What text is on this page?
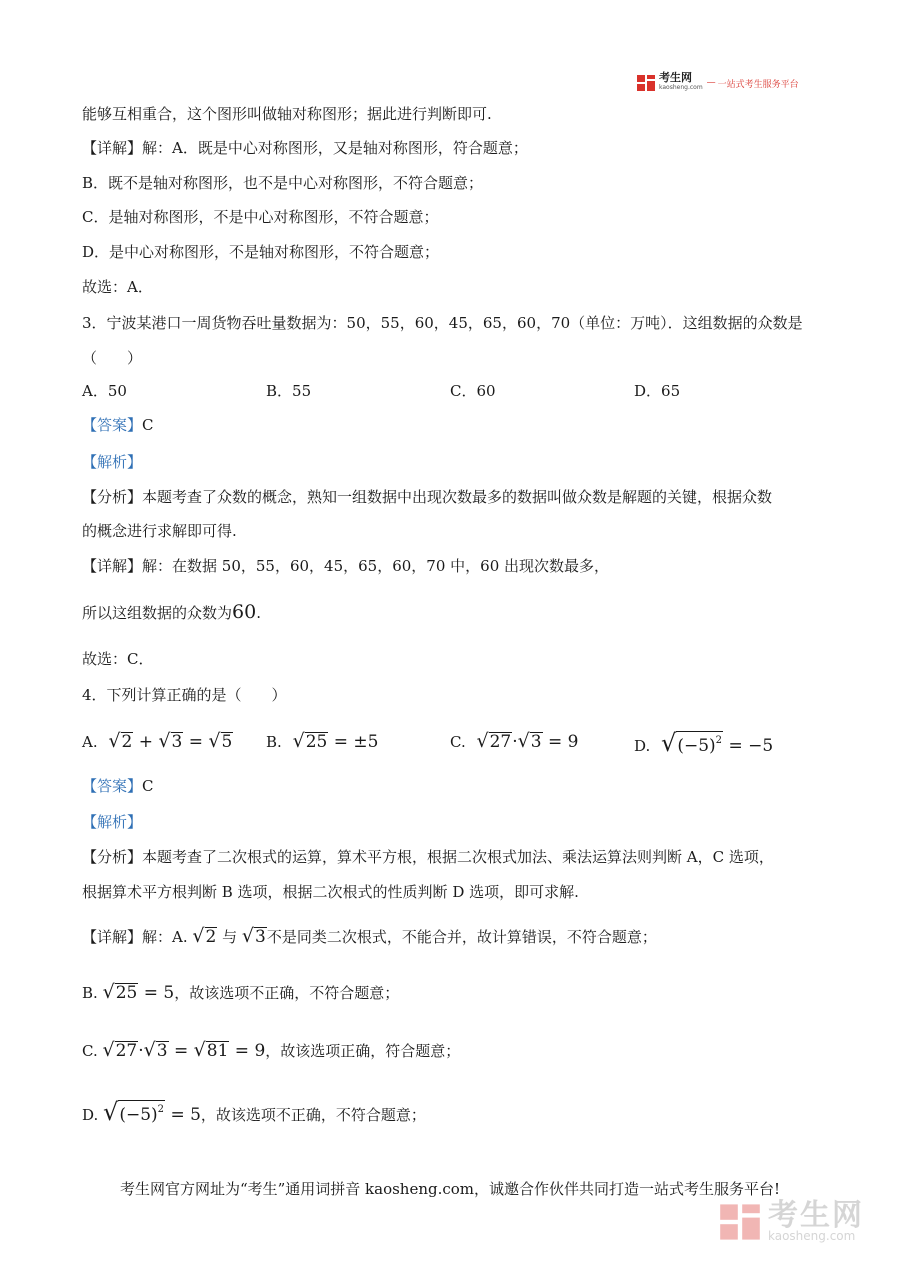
考生网
kaosheng.com — 一站式考生服务平台
能够互相重合，这个图形叫做轴对称图形；据此进行判断即可.
【详解】解：A．既是中心对称图形，又是轴对称图形，符合题意；
B．既不是轴对称图形，也不是中心对称图形，不符合题意；
C．是轴对称图形，不是中心对称图形，不符合题意；
D．是中心对称图形，不是轴对称图形，不符合题意；
故选：A．
3．宁波某港口一周货物吞吐量数据为：50，55，60，45，65，60，70（单位：万吨）．这组数据的众数是
（　　）
A．50	B．55	C．60	D．65
【答案】C
【解析】
【分析】本题考查了众数的概念，熟知一组数据中出现次数最多的数据叫做众数是解题的关键，根据众数
的概念进行求解即可得.
【详解】解：在数据 50，55，60，45，65，60，70 中，60 出现次数最多，
所以这组数据的众数为60.
故选：C．
4．下列计算正确的是（　　）
A. √2 + √3 = √5 B. √25 = ±5	C. √27·√3 = 9	D. $√(-5)^2 = -5$
【答案】C
【解析】
【分析】本题考查了二次根式的运算，算术平方根，根据二次根式加法、乘法运算法则判断 A，C 选项，
根据算术平方根判断 B 选项，根据二次根式的性质判断 D 选项，即可求解.
【详解】解：A. √2 与 √3不是同类二次根式，不能合并，故计算错误，不符合题意；
B. √25 = 5，故该选项不正确，不符合题意；
C. √27·√3 = √81 = 9，故该选项正确，符合题意；
D. $√(-5)^2 = 5$，故该选项不正确，不符合题意；
考生网官方网址为“考生”通用词拼音 kaosheng.com，诚邀合作伙伴共同打造一站式考生服务平台!
考生网
kaosheng.com
